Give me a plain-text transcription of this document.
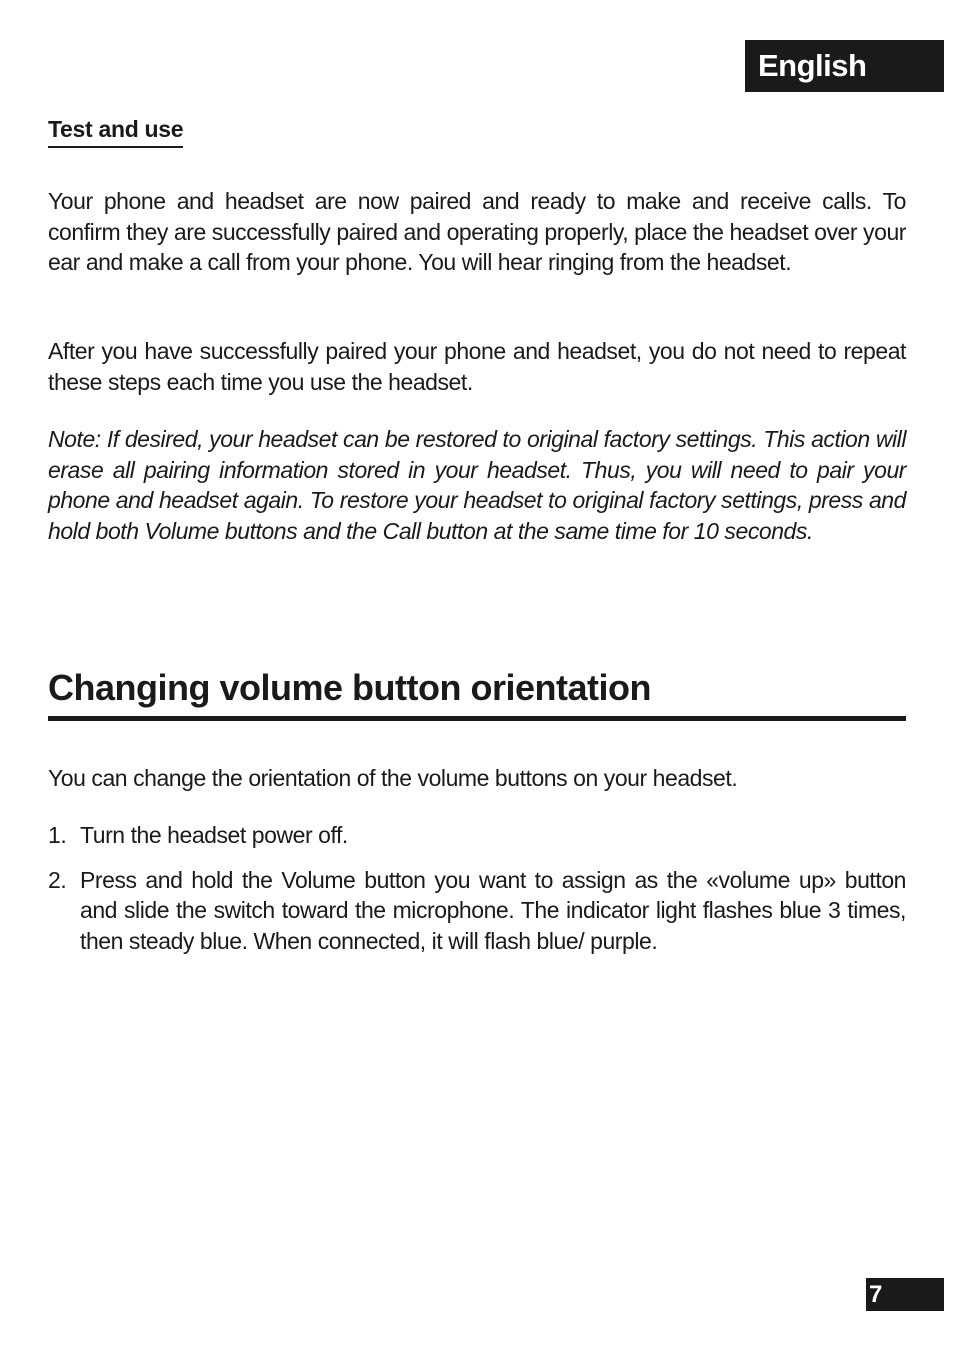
English
Test and use

Your phone and headset are now paired and ready to make and receive calls. To confirm they are successfully paired and operating properly, place the headset over your ear and make a call from your phone. You will hear ringing from the headset.

After you have successfully paired your phone and headset, you do not need to repeat these steps each time you use the headset.

Note: If desired, your headset can be restored to original factory settings. This action will erase all pairing information stored in your headset. Thus, you will need to pair your phone and headset again. To restore your headset to original factory settings, press and hold both Volume buttons and the Call button at the same time for 10 seconds.

Changing volume button orientation

You can change the orientation of the volume buttons on your headset.

1. Turn the headset power off.
2. Press and hold the Volume button you want to assign as the «volume up» button and slide the switch toward the microphone. The indicator light flashes blue 3 times, then steady blue. When connected, it will flash blue/ purple.
7
